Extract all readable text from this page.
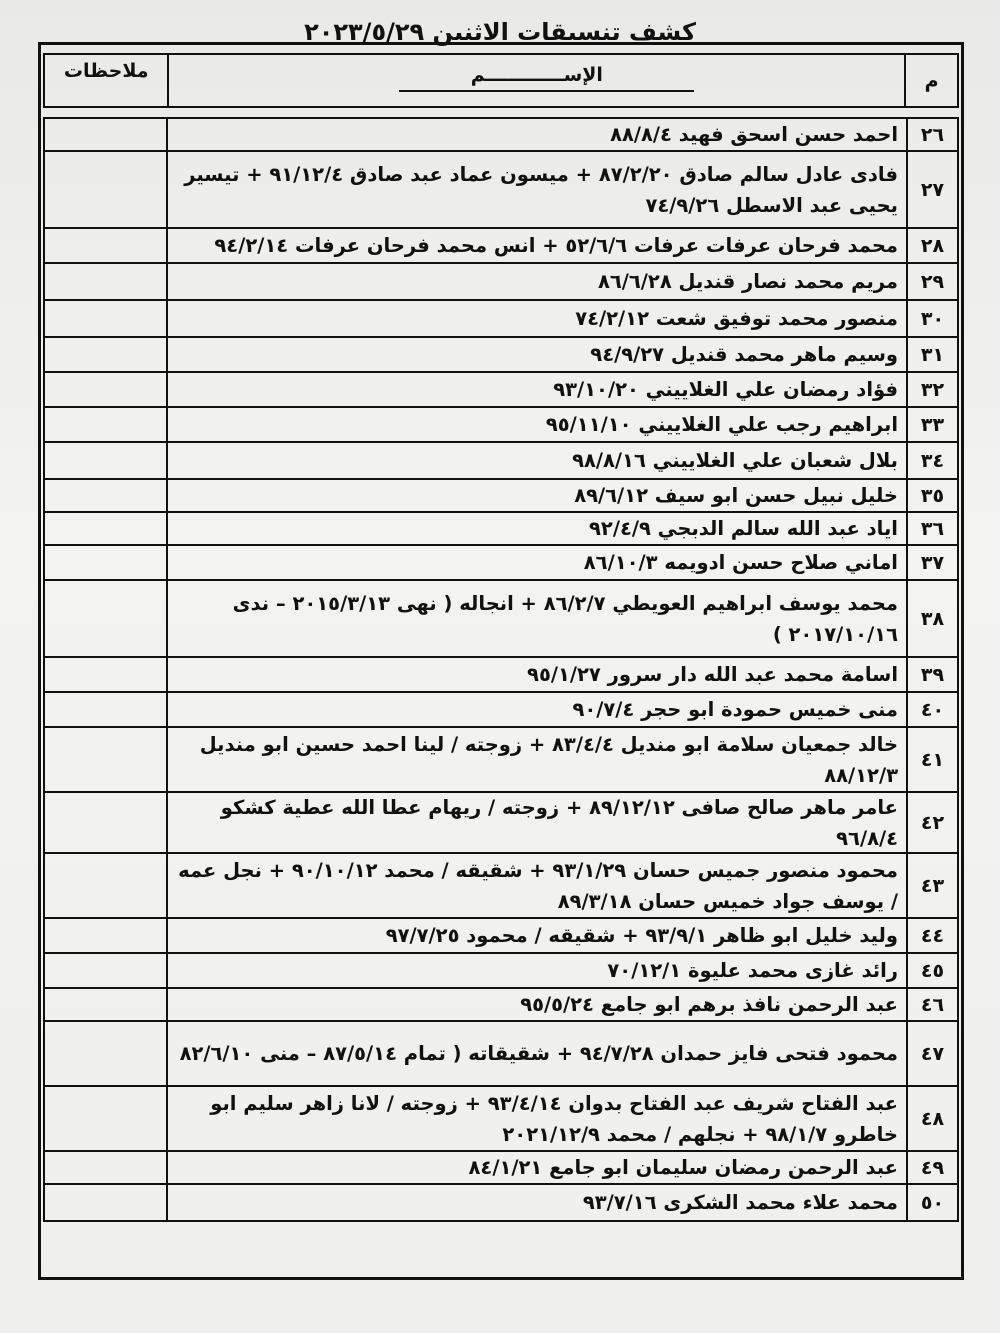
كشف تنسيقات الاثنين ٢٠٢٣/٥/٢٩
م
الإســــــــــــم
ملاحظات
٢٦
احمد حسن اسحق فهيد ٨٨/٨/٤
٢٧
فادى عادل سالم صادق ٨٧/٢/٢٠ + ميسون عماد عبد صادق ٩١/١٢/٤ + تيسير يحيى عبد الاسطل ٧٤/٩/٢٦
٢٨
محمد فرحان عرفات عرفات ٥٢/٦/٦ + انس محمد فرحان عرفات ٩٤/٢/١٤
٢٩
مريم محمد نصار قنديل ٨٦/٦/٢٨
٣٠
منصور محمد توفيق شعت ٧٤/٢/١٢
٣١
وسيم ماهر محمد قنديل ٩٤/٩/٢٧
٣٢
فؤاد رمضان علي الغلاييني ٩٣/١٠/٢٠
٣٣
ابراهيم رجب علي الغلاييني ٩٥/١١/١٠
٣٤
بلال شعبان علي الغلاييني ٩٨/٨/١٦
٣٥
خليل نبيل حسن ابو سيف ٨٩/٦/١٢
٣٦
اياد عبد الله سالم الدبجي ٩٢/٤/٩
٣٧
اماني صلاح حسن ادويمه ٨٦/١٠/٣
٣٨
محمد يوسف ابراهيم العويطي ٨٦/٢/٧ + انجاله ( نهى ٢٠١٥/٣/١٣ – ندى ٢٠١٧/١٠/١٦ )
٣٩
اسامة محمد عبد الله دار سرور ٩٥/١/٢٧
٤٠
منى خميس حمودة ابو حجر ٩٠/٧/٤
٤١
خالد جمعيان سلامة ابو منديل ٨٣/٤/٤ + زوجته / لينا احمد حسين ابو منديل ٨٨/١٢/٣
٤٢
عامر ماهر صالح صافى ٨٩/١٢/١٢ + زوجته / ريهام عطا الله عطية كشكو ٩٦/٨/٤
٤٣
محمود منصور جميس حسان ٩٣/١/٢٩ + شقيقه / محمد ٩٠/١٠/١٢ + نجل عمه / يوسف جواد خميس حسان ٨٩/٣/١٨
٤٤
وليد خليل ابو ظاهر ٩٣/٩/١ + شقيقه / محمود ٩٧/٧/٢٥
٤٥
رائد غازى محمد عليوة ٧٠/١٢/١
٤٦
عبد الرحمن نافذ برهم ابو جامع ٩٥/٥/٢٤
٤٧
محمود فتحى فايز حمدان ٩٤/٧/٢٨ + شقيقاته ( تمام ٨٧/٥/١٤ – منى ٨٢/٦/١٠
٤٨
عبد الفتاح شريف عبد الفتاح بدوان ٩٣/٤/١٤ + زوجته / لانا زاهر سليم ابو خاطرو ٩٨/١/٧ + نجلهم / محمد ٢٠٢١/١٢/٩
٤٩
عبد الرحمن رمضان سليمان ابو جامع ٨٤/١/٢١
٥٠
محمد علاء محمد الشكرى ٩٣/٧/١٦
